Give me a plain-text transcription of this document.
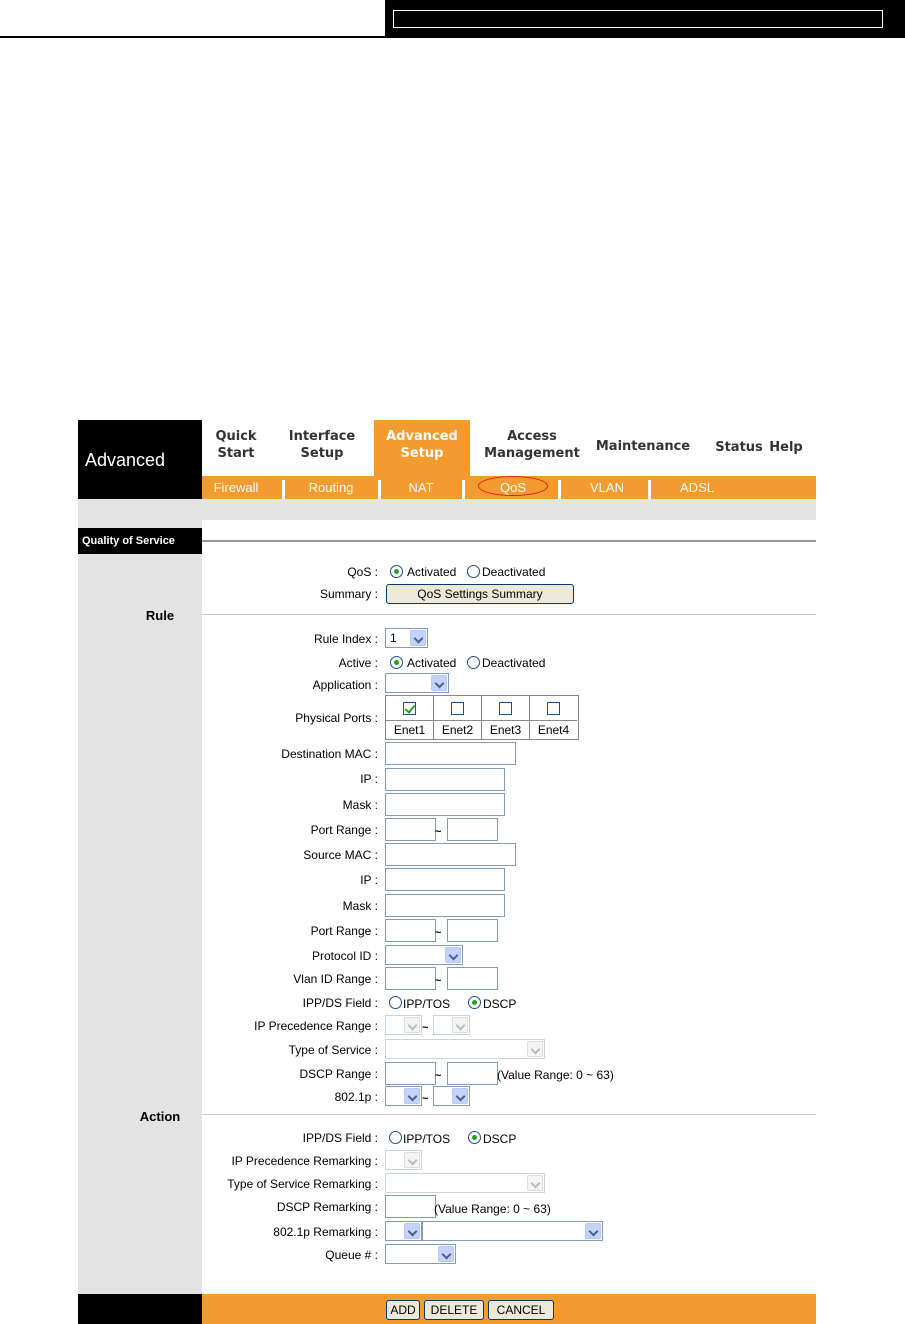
Advanced
Quick
Start
Interface
Setup
Advanced
Setup
Access
Management	Maintenance	Status Help
Firewall	Routing	NAT	QoS	VLAN	ADSL
Quality of Service
Rule
QoS : Activated Deactivated
Summary :	QoS Settings Summary
Rule Index : 1
Active : Activated Deactivated
Application :
Physical Ports :
Enet1	Enet2	Enet3	Enet4
Destination MAC :
IP :
Mask :
Port Range :	~
Source MAC :
IP :
Mask :
Port Range :	~
Protocol ID :
Vlan ID Range :	~
IPP/DS Field : IPP/TOS	DSCP
IP Precedence Range :	~
Type of Service :
DSCP Range :	~	(Value Range: 0 ~ 63)
802.1p :	~
Action
IPP/DS Field : IPP/TOS	DSCP
IP Precedence Remarking :
Type of Service Remarking :
DSCP Remarking :	(Value Range: 0 ~ 63)
802.1p Remarking :
Queue # :
ADD	DELETE	CANCEL
